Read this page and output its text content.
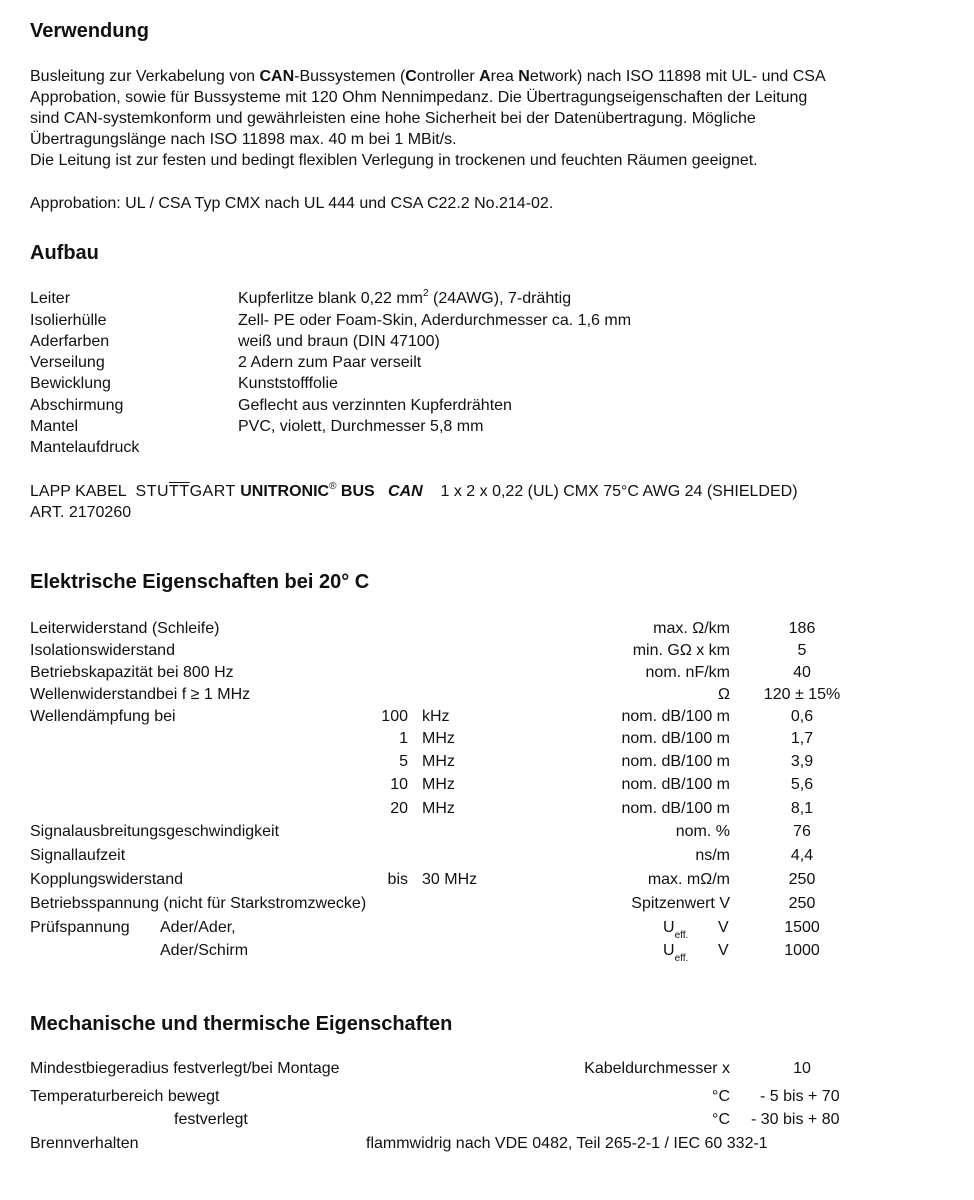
Verwendung
Busleitung zur Verkabelung von CAN-Bussystemen (Controller Area Network) nach ISO 11898 mit UL- und CSA
Approbation, sowie für Bussysteme mit 120 Ohm Nennimpedanz. Die Übertragungseigenschaften der Leitung
sind CAN-systemkonform und gewährleisten eine hohe Sicherheit bei der Datenübertragung. Mögliche
Übertragungslänge nach ISO 11898 max. 40 m bei 1 MBit/s.
Die Leitung ist zur festen und bedingt flexiblen Verlegung in trockenen und feuchten Räumen geeignet.
Approbation: UL / CSA Typ CMX nach UL 444 und CSA C22.2 No.214-02.
Aufbau
Leiter	Kupferlitze blank 0,22 $mm^2$ (24AWG), 7-drähtig
Isolierhülle	Zell- PE oder Foam-Skin, Aderdurchmesser ca. 1,6 mm
Aderfarben	weiß und braun (DIN 47100)
Verseilung	2 Adern zum Paar verseilt
Bewicklung	Kunststofffolie
Abschirmung	Geflecht aus verzinnten Kupferdrähten
Mantel	PVC, violett, Durchmesser 5,8 mm
Mantelaufdruck
LAPP KABEL $STU\overline{TT}GART$ UNITRONIC® BUS CAN 1 x 2 x 0,22 (UL) CMX 75°C AWG 24 (SHIELDED)
ART. 2170260
Elektrische Eigenschaften bei 20° C
Leiterwiderstand (Schleife)	max. Ω/km	186
Isolationswiderstand	min. GΩ x km	5
Betriebskapazität bei 800 Hz	nom. nF/km	40
Wellenwiderstandbei f ≥ 1 MHz	Ω	120 ± 15%
Wellendämpfung bei	100 kHz	nom. dB/100 m	0,6
1 MHz	nom. dB/100 m	1,7
5 MHz	nom. dB/100 m	3,9
10 MHz	nom. dB/100 m	5,6
20 MHz	nom. dB/100 m	8,1
Signalausbreitungsgeschwindigkeit	nom. %	76
Signallaufzeit	ns/m	4,4
Kopplungswiderstand	bis 30 MHz	max. mΩ/m	250
Betriebsspannung (nicht für Starkstromzwecke)	Spitzenwert V	250
Prüfspannung Ader/Ader,	$U_{eff.}$ V	1500
Ader/Schirm	$U_{eff.}$ V	1000
Mechanische und thermische Eigenschaften
Mindestbiegeradius festverlegt/bei Montage	Kabeldurchmesser x	10
Temperaturbereich bewegt	°C - 5 bis + 70
festverlegt	°C - 30 bis + 80
Brennverhalten	flammwidrig nach VDE 0482, Teil 265-2-1 / IEC 60 332-1
